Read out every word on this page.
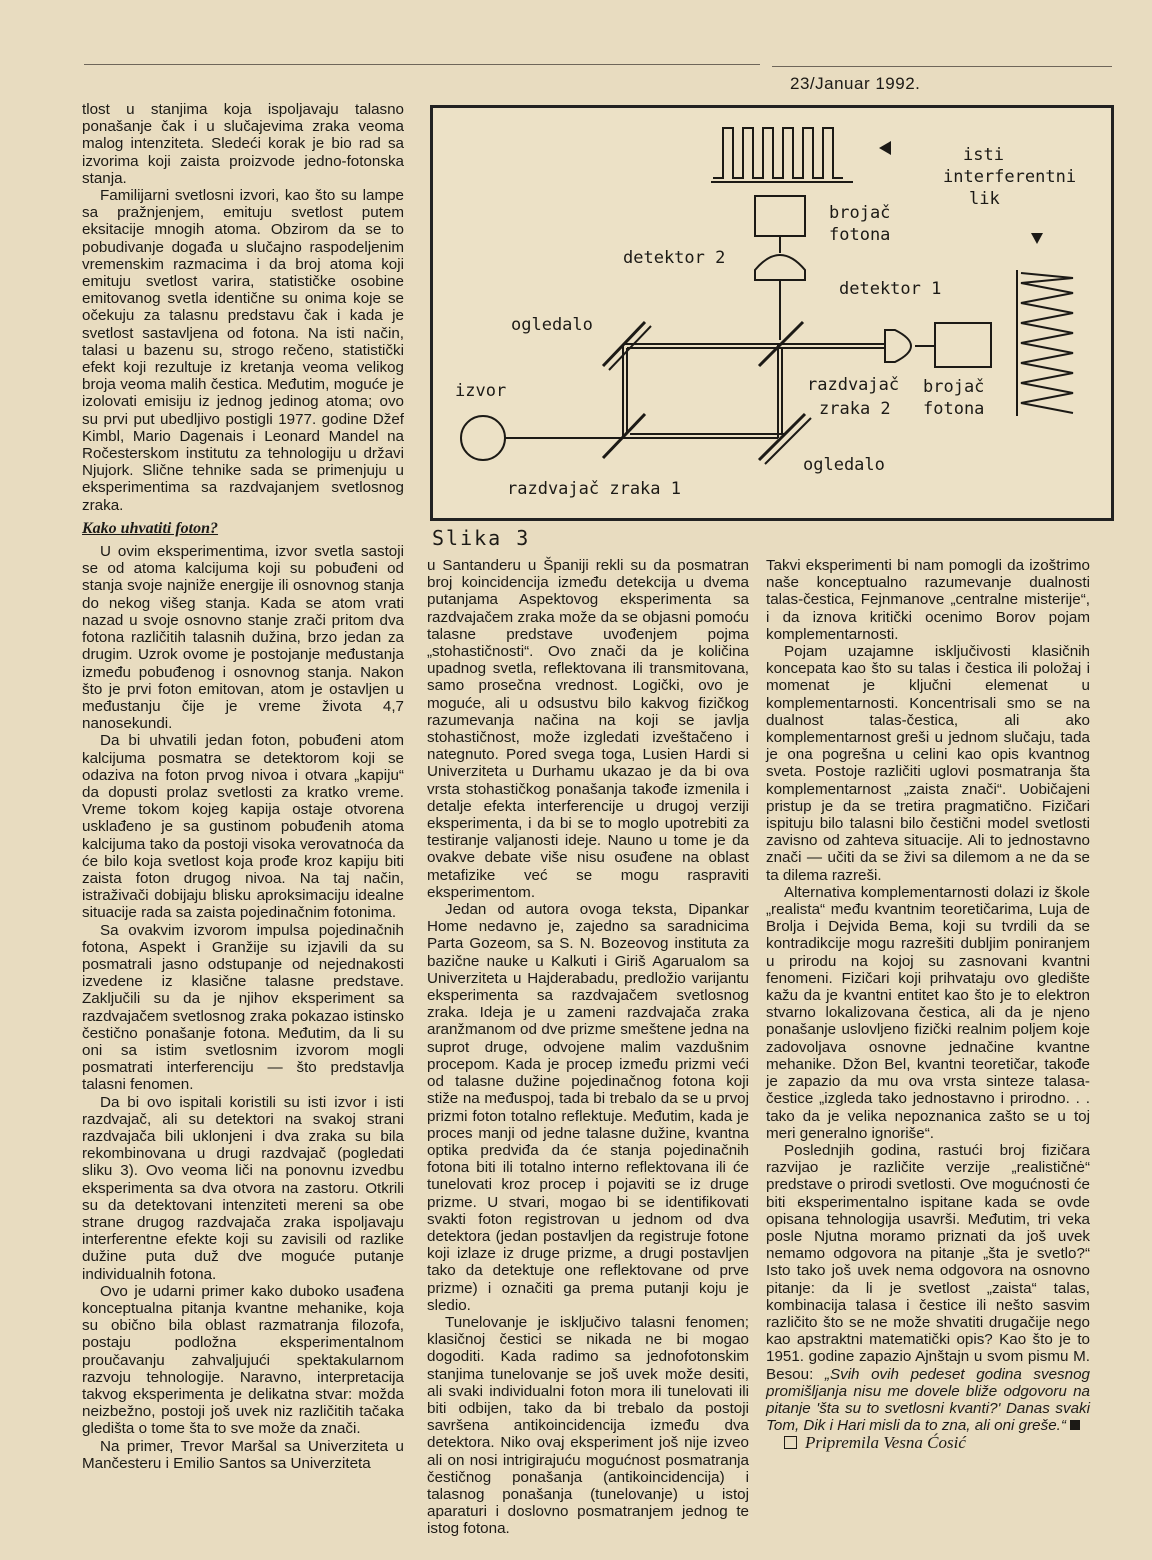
23/Januar 1992.

tlost u stanjima koja ispoljavaju talasno ponašanje čak i u slučajevima zraka veoma malog intenziteta. Sledeći korak je bio rad sa izvorima koji zaista proizvode jedno-fotonska stanja.

Familijarni svetlosni izvori, kao što su lampe sa pražnjenjem, emituju svetlost putem eksitacije mnogih atoma. Obzirom da se to pobudivanje događa u slučajno raspodeljenim vremenskim razmacima i da broj atoma koji emituju svetlost varira, statističke osobine emitovanog svetla identične su onima koje se očekuju za talasnu predstavu čak i kada je svetlost sastavljena od fotona. Na isti način, talasi u bazenu su, strogo rečeno, statistički efekt koji rezultuje iz kretanja veoma velikog broja veoma malih čestica. Međutim, moguće je izolovati emisiju iz jednog jedinog atoma; ovo su prvi put ubedljivo postigli 1977. godine Džef Kimbl, Mario Dagenais i Leonard Mandel na Ročesterskom institutu za tehnologiju u državi Njujork. Slične tehnike sada se primenjuju u eksperimentima sa razdvajanjem svetlosnog zraka.

Kako uhvatiti foton?

U ovim eksperimentima, izvor svetla sastoji se od atoma kalcijuma koji su pobuđeni od stanja svoje najniže energije ili osnovnog stanja do nekog višeg stanja. Kada se atom vrati nazad u svoje osnovno stanje zrači pritom dva fotona različitih talasnih dužina, brzo jedan za drugim. Uzrok ovome je postojanje međustanja između pobuđenog i osnovnog stanja. Nakon što je prvi foton emitovan, atom je ostavljen u međustanju čije je vreme života 4,7 nanosekundi.

Da bi uhvatili jedan foton, pobuđeni atom kalcijuma posmatra se detektorom koji se odaziva na foton prvog nivoa i otvara „kapiju“ da dopusti prolaz svetlosti za kratko vreme. Vreme tokom kojeg kapija ostaje otvorena usklađeno je sa gustinom pobuđenih atoma kalcijuma tako da postoji visoka verovatnoća da će bilo koja svetlost koja prođe kroz kapiju biti zaista foton drugog nivoa. Na taj način, istraživači dobijaju blisku aproksimaciju idealne situacije rada sa zaista pojedinačnim fotonima.

Sa ovakvim izvorom impulsa pojedinačnih fotona, Aspekt i Granžije su izjavili da su posmatrali jasno odstupanje od nejednakosti izvedene iz klasične talasne predstave. Zaključili su da je njihov eksperiment sa razdvajačem svetlosnog zraka pokazao istinsko čestično ponašanje fotona. Međutim, da li su oni sa istim svetlosnim izvorom mogli posmatrati interferenciju — što predstavlja talasni fenomen.

Da bi ovo ispitali koristili su isti izvor i isti razdvajač, ali su detektori na svakoj strani razdvajača bili uklonjeni i dva zraka su bila rekombinovana u drugi razdvajač (pogledati sliku 3). Ovo veoma liči na ponovnu izvedbu eksperimenta sa dva otvora na zastoru. Otkrili su da detektovani intenziteti mereni sa obe strane drugog razdvajača zraka ispoljavaju interferentne efekte koji su zavisili od razlike dužine puta duž dve moguće putanje individualnih fotona.

Ovo je udarni primer kako duboko usađena konceptualna pitanja kvantne mehanike, koja su obično bila oblast razmatranja filozofa, postaju podložna eksperimentalnom proučavanju zahvaljujući spektakularnom razvoju tehnologije. Naravno, interpretacija takvog eksperimenta je delikatna stvar: možda neizbežno, postoji još uvek niz različitih tačaka gledišta o tome šta to sve može da znači.

Na primer, Trevor Maršal sa Univerziteta u Mančesteru i Emilio Santos sa Univerziteta

isti
interferentni
lik
brojač
fotona
detektor 2
detektor 1
ogledalo
izvor	razdvajač
zraka 2
brojač
fotona
ogledalo
razdvajač zraka 1
Slika 3

u Santanderu u Španiji rekli su da posmatran broj koincidencija između detekcija u dvema putanjama Aspektovog eksperimenta sa razdvajačem zraka može da se objasni pomoću talasne predstave uvođenjem pojma „stohastičnosti“. Ovo znači da je količina upadnog svetla, reflektovana ili transmitovana, samo prosečna vrednost. Logički, ovo je moguće, ali u odsustvu bilo kakvog fizičkog razumevanja načina na koji se javlja stohastičnost, može izgledati izveštačeno i nategnuto. Pored svega toga, Lusien Hardi si Univerziteta u Durhamu ukazao je da bi ova vrsta stohastičkog ponašanja takođe izmenila i detalje efekta interferencije u drugoj verziji eksperimenta, i da bi se to moglo upotrebiti za testiranje valjanosti ideje. Nauno u tome je da ovakve debate više nisu osuđene na oblast metafizike već se mogu raspraviti eksperimentom.

Jedan od autora ovoga teksta, Dipankar Home nedavno je, zajedno sa saradnicima Parta Gozeom, sa S. N. Bozeovog instituta za bazične nauke u Kalkuti i Giriš Agarualom sa Univerziteta u Hajderabadu, predložio varijantu eksperimenta sa razdvajačem svetlosnog zraka. Ideja je u zameni razdvajača zraka aranžmanom od dve prizme smeštene jedna na suprot druge, odvojene malim vazdušnim procepom. Kada je procep između prizmi veći od talasne dužine pojedinačnog fotona koji stiže na međuspoj, tada bi trebalo da se u prvoj prizmi foton totalno reflektuje. Međutim, kada je proces manji od jedne talasne dužine, kvantna optika predviđa da će stanja pojedinačnih fotona biti ili totalno interno reflektovana ili će tunelovati kroz procep i pojaviti se iz druge prizme. U stvari, mogao bi se identifikovati svakti foton registrovan u jednom od dva detektora (jedan postavljen da registruje fotone koji izlaze iz druge prizme, a drugi postavljen tako da detektuje one reflektovane od prve prizme) i označiti ga prema putanji koju je sledio.

Tunelovanje je isključivo talasni fenomen; klasičnoj čestici se nikada ne bi mogao dogoditi. Kada radimo sa jednofotonskim stanjima tunelovanje se još uvek može desiti, ali svaki individualni foton mora ili tunelovati ili biti odbijen, tako da bi trebalo da postoji savršena antikoincidencija između dva detektora. Niko ovaj eksperiment još nije izveo ali on nosi intrigirajuću mogućnost posmatranja čestičnog ponašanja (antikoincidencija) i talasnog ponašanja (tunelovanje) u istoj aparaturi i doslovno posmatranjem jednog te istog fotona.

Takvi eksperimenti bi nam pomogli da izoštrimo naše konceptualno razumevanje dualnosti talas-čestica, Fejnmanove „centralne misterije“, i da iznova kritički ocenimo Borov pojam komplementarnosti.

Pojam uzajamne isključivosti klasičnih koncepata kao što su talas i čestica ili položaj i momenat je ključni elemenat u komplementarnosti. Koncentrisali smo se na dualnost talas-čestica, ali ako komplementarnost greši u jednom slučaju, tada je ona pogrešna u celini kao opis kvantnog sveta. Postoje različiti uglovi posmatranja šta komplementarnost „zaista znači“. Uobičajeni pristup je da se tretira pragmatično. Fizičari ispituju bilo talasni bilo čestični model svetlosti zavisno od zahteva situacije. Ali to jednostavno znači — učiti da se živi sa dilemom a ne da se ta dilema razreši.

Alternativa komplementarnosti dolazi iz škole „realista“ među kvantnim teoretičarima, Luja de Brolja i Dejvida Bema, koji su tvrdili da se kontradikcije mogu razrešiti dubljim poniranjem u prirodu na kojoj su zasnovani kvantni fenomeni. Fizičari koji prihvataju ovo gledište kažu da je kvantni entitet kao što je to elektron stvarno lokalizovana čestica, ali da je njeno ponašanje uslovljeno fizički realnim poljem koje zadovoljava osnovne jednačine kvantne mehanike. Džon Bel, kvantni teoretičar, takođe je zapazio da mu ova vrsta sinteze talasa-čestice „izgleda tako jednostavno i prirodno. . . tako da je velika nepoznanica zašto se u toj meri generalno ignoriše“.

Poslednjih godina, rastući broj fizičara razvijao je različite verzije „realističnė“ predstave o prirodi svetlosti. Ove mogućnosti će biti eksperimentalno ispitane kada se ovde opisana tehnologija usavrši. Međutim, tri veka posle Njutna moramo priznati da još uvek nemamo odgovora na pitanje „šta je svetlo?“ Isto tako još uvek nema odgovora na osnovno pitanje: da li je svetlost „zaista“ talas, kombinacija talasa i čestice ili nešto sasvim različito što se ne može shvatiti drugačije nego kao apstraktni matematički opis? Kao što je to 1951. godine zapazio Ajnštajn u svom pismu M. Besou: „Svih ovih pedeset godina svesnog promišljanja nisu me dovele bliže odgovoru na pitanje 'šta su to svetlosni kvanti?' Danas svaki Tom, Dik i Hari misli da to zna, ali oni greše.“

Pripremila Vesna Ćosić
